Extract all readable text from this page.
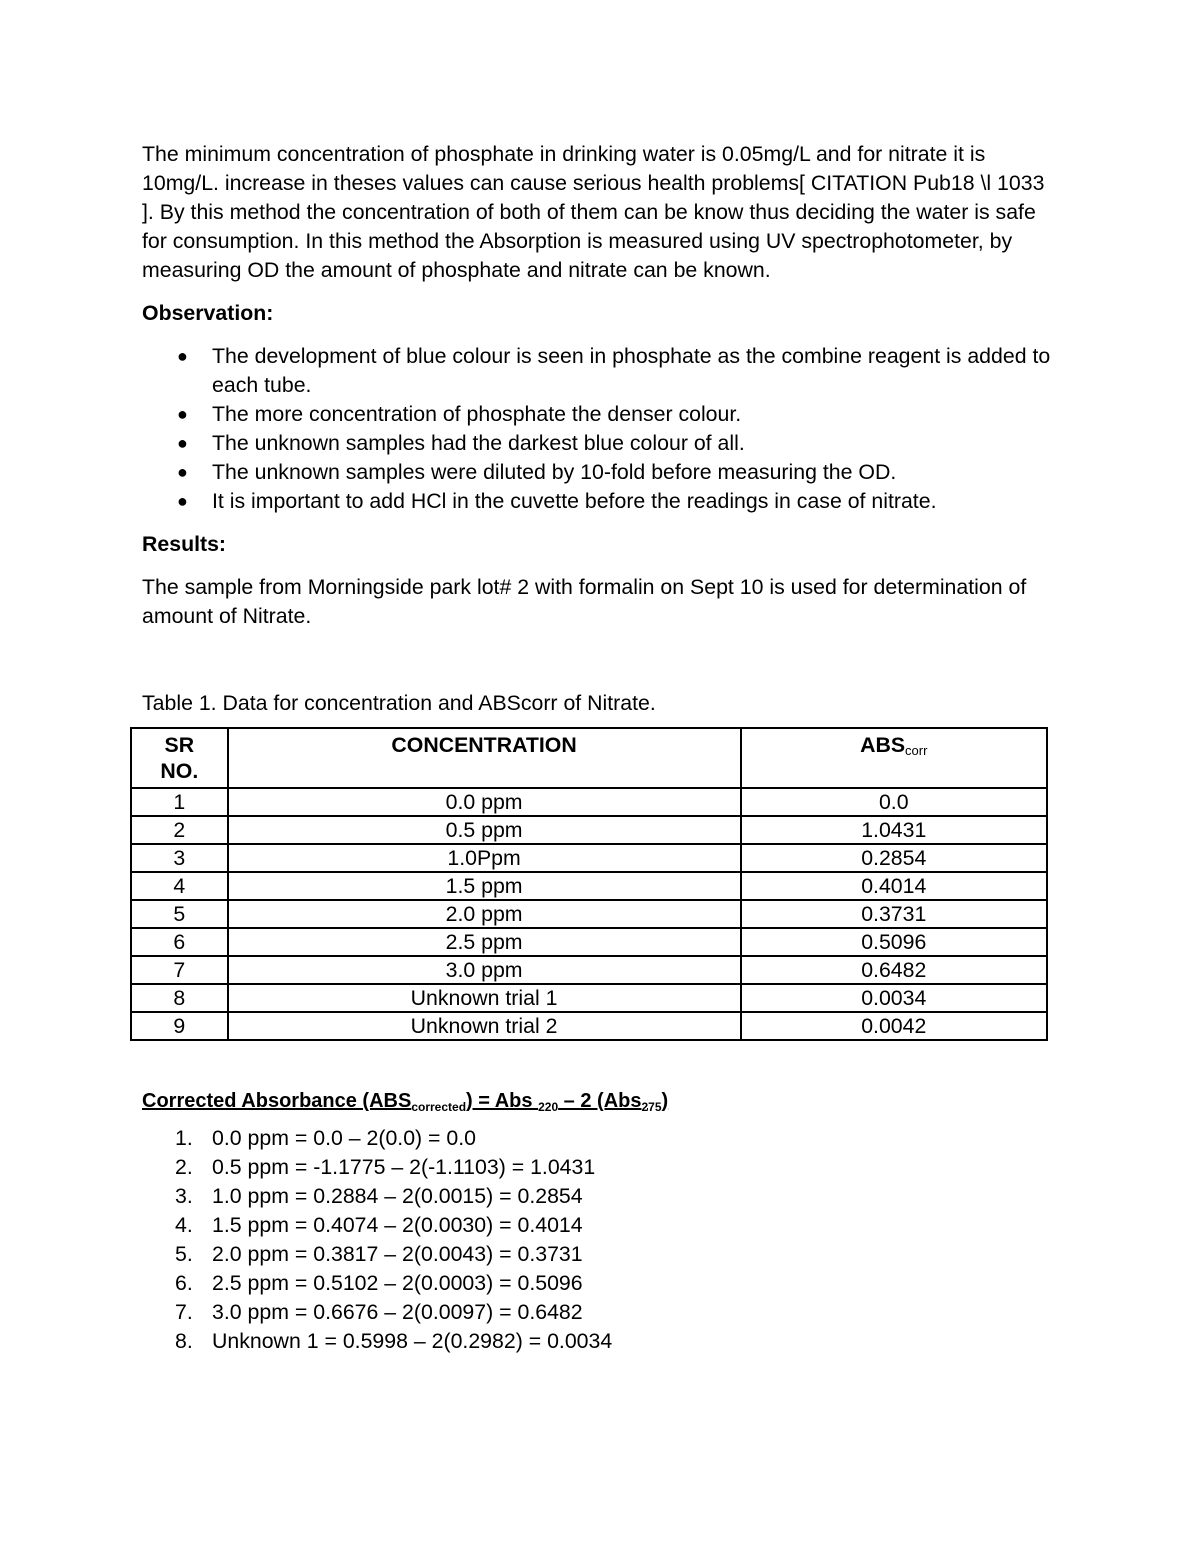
The minimum concentration of phosphate in drinking water is 0.05mg/L and for nitrate it is 10mg/L. increase in theses values can cause serious health problems[ CITATION Pub18 \l 1033 ]. By this method the concentration of both of them can be know thus deciding the water is safe for consumption. In this method the Absorption is measured using UV spectrophotometer, by measuring OD the amount of phosphate and nitrate can be known.

Observation:

● The development of blue colour is seen in phosphate as the combine reagent is added to each tube.
● The more concentration of phosphate the denser colour.
● The unknown samples had the darkest blue colour of all.
● The unknown samples were diluted by 10-fold before measuring the OD.
● It is important to add HCl in the cuvette before the readings in case of nitrate.

Results:

The sample from Morningside park lot# 2 with formalin on Sept 10 is used for determination of amount of Nitrate.

Table 1. Data for concentration and ABScorr of Nitrate.

SR
NO.	CONCENTRATION	$ABS_{corr}$
1	0.0 ppm	0.0
2	0.5 ppm	1.0431
3	1.0Ppm	0.2854
4	1.5 ppm	0.4014
5	2.0 ppm	0.3731
6	2.5 ppm	0.5096
7	3.0 ppm	0.6482
8	Unknown trial 1	0.0034
9	Unknown trial 2	0.0042

Corrected Absorbance $(ABS_{corrected})$ = Abs $_{220}$ – 2 (Abs$_{275}$)

1. 0.0 ppm = 0.0 – 2(0.0) = 0.0
2. 0.5 ppm = -1.1775 – 2(-1.1103) = 1.0431
3. 1.0 ppm = 0.2884 – 2(0.0015) = 0.2854
4. 1.5 ppm = 0.4074 – 2(0.0030) = 0.4014
5. 2.0 ppm = 0.3817 – 2(0.0043) = 0.3731
6. 2.5 ppm = 0.5102 – 2(0.0003) = 0.5096
7. 3.0 ppm = 0.6676 – 2(0.0097) = 0.6482
8. Unknown 1 = 0.5998 – 2(0.2982) = 0.0034
